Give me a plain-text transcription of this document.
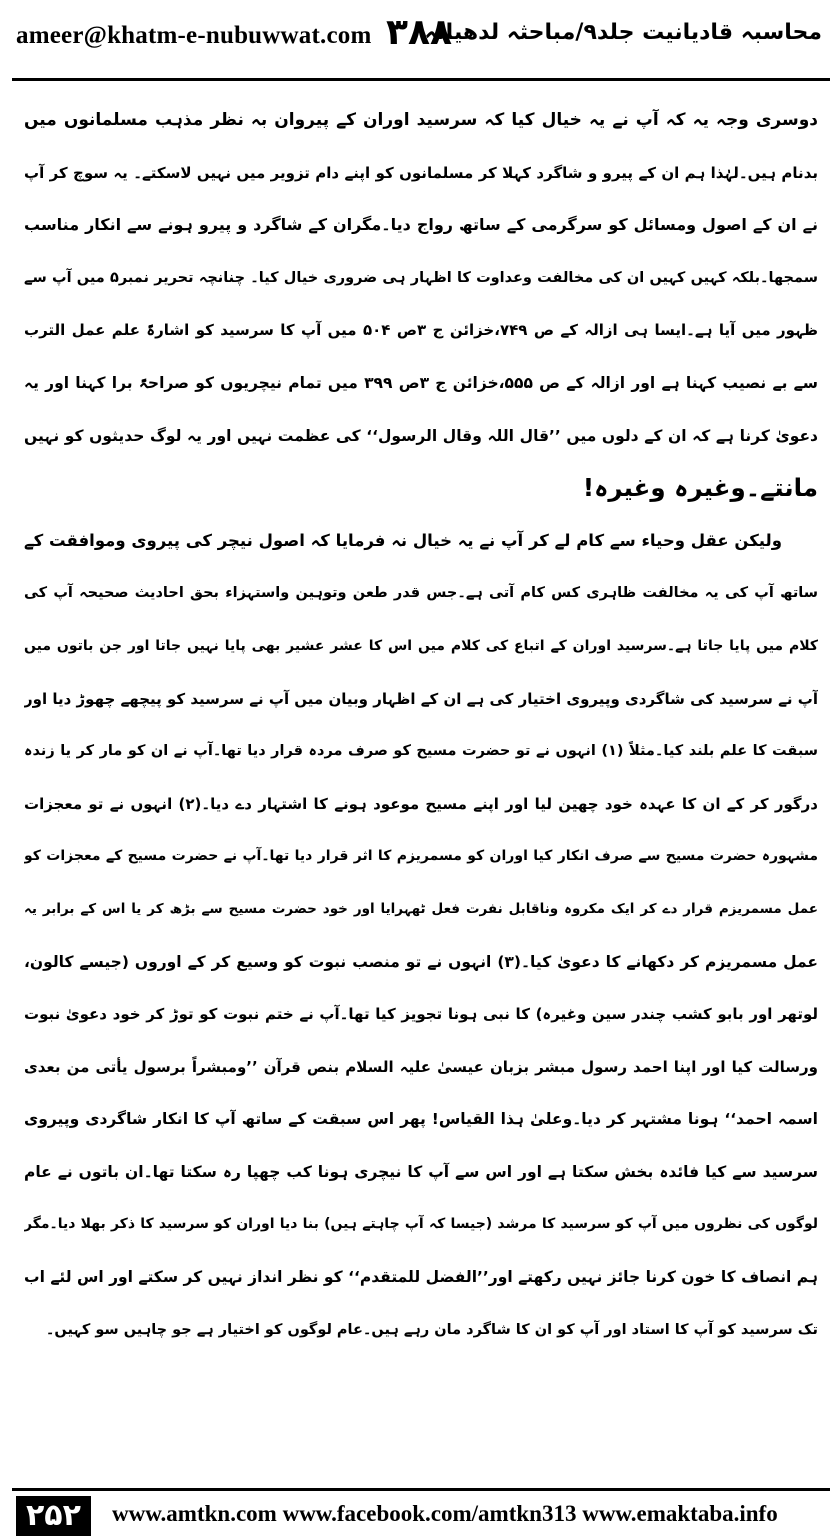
ameer@khatm-e-nubuwwat.com ۳۸۸
محاسبہ قادیانیت جلد۹/مباحثہ لدھیانہ
دوسری وجہ یہ کہ آپ نے یہ خیال کیا کہ سرسید اوران کے پیروان بہ نظر مذہب مسلمانوں میں
بدنام ہیں۔لہٰذا ہم ان کے پیرو و شاگرد کہلا کر مسلمانوں کو اپنے دام تزویر میں نہیں لاسکتے۔ یہ سوچ کر آپ
نے ان کے اصول ومسائل کو سرگرمی کے ساتھ رواج دیا۔مگران کے شاگرد و پیرو ہونے سے انکار مناسب
سمجھا۔بلکہ کہیں کہیں ان کی مخالفت وعداوت کا اظہار ہی ضروری خیال کیا۔ چنانچہ تحریر نمبر۵ میں آپ سے
ظہور میں آیا ہے۔ایسا ہی ازالہ کے ص ۷۴۹،خزائن ج ۳ص ۵۰۴ میں آپ کا سرسید کو اشارۃً علم عمل الترب
سے بے نصیب کہنا ہے اور ازالہ کے ص ۵۵۵،خزائن ج ۳ص ۳۹۹ میں تمام نیچریوں کو صراحۃً برا کہنا اور یہ
دعویٰ کرنا ہے کہ ان کے دلوں میں ’’قال اللہ وقال الرسول‘‘ کی عظمت نہیں اور یہ لوگ حدیثوں کو نہیں
مانتے۔وغیرہ وغیرہ!
ولیکن عقل وحیاء سے کام لے کر آپ نے یہ خیال نہ فرمایا کہ اصول نیچر کی پیروی وموافقت کے
ساتھ آپ کی یہ مخالفت ظاہری کس کام آتی ہے۔جس قدر طعن وتوہین واستہزاء بحق احادیث صحیحہ آپ کی
کلام میں پایا جاتا ہے۔سرسید اوران کے اتباع کی کلام میں اس کا عشر عشیر بھی پایا نہیں جاتا اور جن باتوں میں
آپ نے سرسید کی شاگردی وپیروی اختیار کی ہے ان کے اظہار وبیان میں آپ نے سرسید کو پیچھے چھوڑ دیا اور
سبقت کا علم بلند کیا۔مثلاً (۱) انہوں نے تو حضرت مسیح کو صرف مردہ قرار دیا تھا۔آپ نے ان کو مار کر یا زندہ
درگور کر کے ان کا عہدہ خود چھین لیا اور اپنے مسیح موعود ہونے کا اشتہار دے دیا۔(۲) انہوں نے تو معجزات
مشہورہ حضرت مسیح سے صرف انکار کیا اوران کو مسمریزم کا اثر قرار دیا تھا۔آپ نے حضرت مسیح کے معجزات کو
عمل مسمریزم قرار دے کر ایک مکروہ وناقابل نفرت فعل ٹھہرایا اور خود حضرت مسیح سے بڑھ کر یا اس کے برابر یہ
عمل مسمریزم کر دکھانے کا دعویٰ کیا۔(۳) انہوں نے تو منصب نبوت کو وسیع کر کے اوروں (جیسے کالون،
لوتھر اور بابو کشب چندر سین وغیرہ) کا نبی ہونا تجویز کیا تھا۔آپ نے ختم نبوت کو توڑ کر خود دعویٰ نبوت
ورسالت کیا اور اپنا احمد رسول مبشر بزبان عیسیٰ علیہ السلام بنص قرآن ’’ومبشراً برسول یأتی من بعدی
اسمہ احمد‘‘ ہونا مشتہر کر دیا۔وعلیٰ ہذا القیاس! پھر اس سبقت کے ساتھ آپ کا انکار شاگردی وپیروی
سرسید سے کیا فائدہ بخش سکتا ہے اور اس سے آپ کا نیچری ہونا کب چھپا رہ سکتا تھا۔ان باتوں نے عام
لوگوں کی نظروں میں آپ کو سرسید کا مرشد (جیسا کہ آپ چاہتے ہیں) بنا دیا اوران کو سرسید کا ذکر بھلا دیا۔مگر
ہم انصاف کا خون کرنا جائز نہیں رکھتے اور’’الفضل للمتقدم‘‘ کو نظر انداز نہیں کر سکتے اور اس لئے اب
تک سرسید کو آپ کا استاد اور آپ کو ان کا شاگرد مان رہے ہیں۔عام لوگوں کو اختیار ہے جو چاہیں سو کہیں۔
۲۵۲	www.amtkn.com www.facebook.com/amtkn313 www.emaktaba.info
